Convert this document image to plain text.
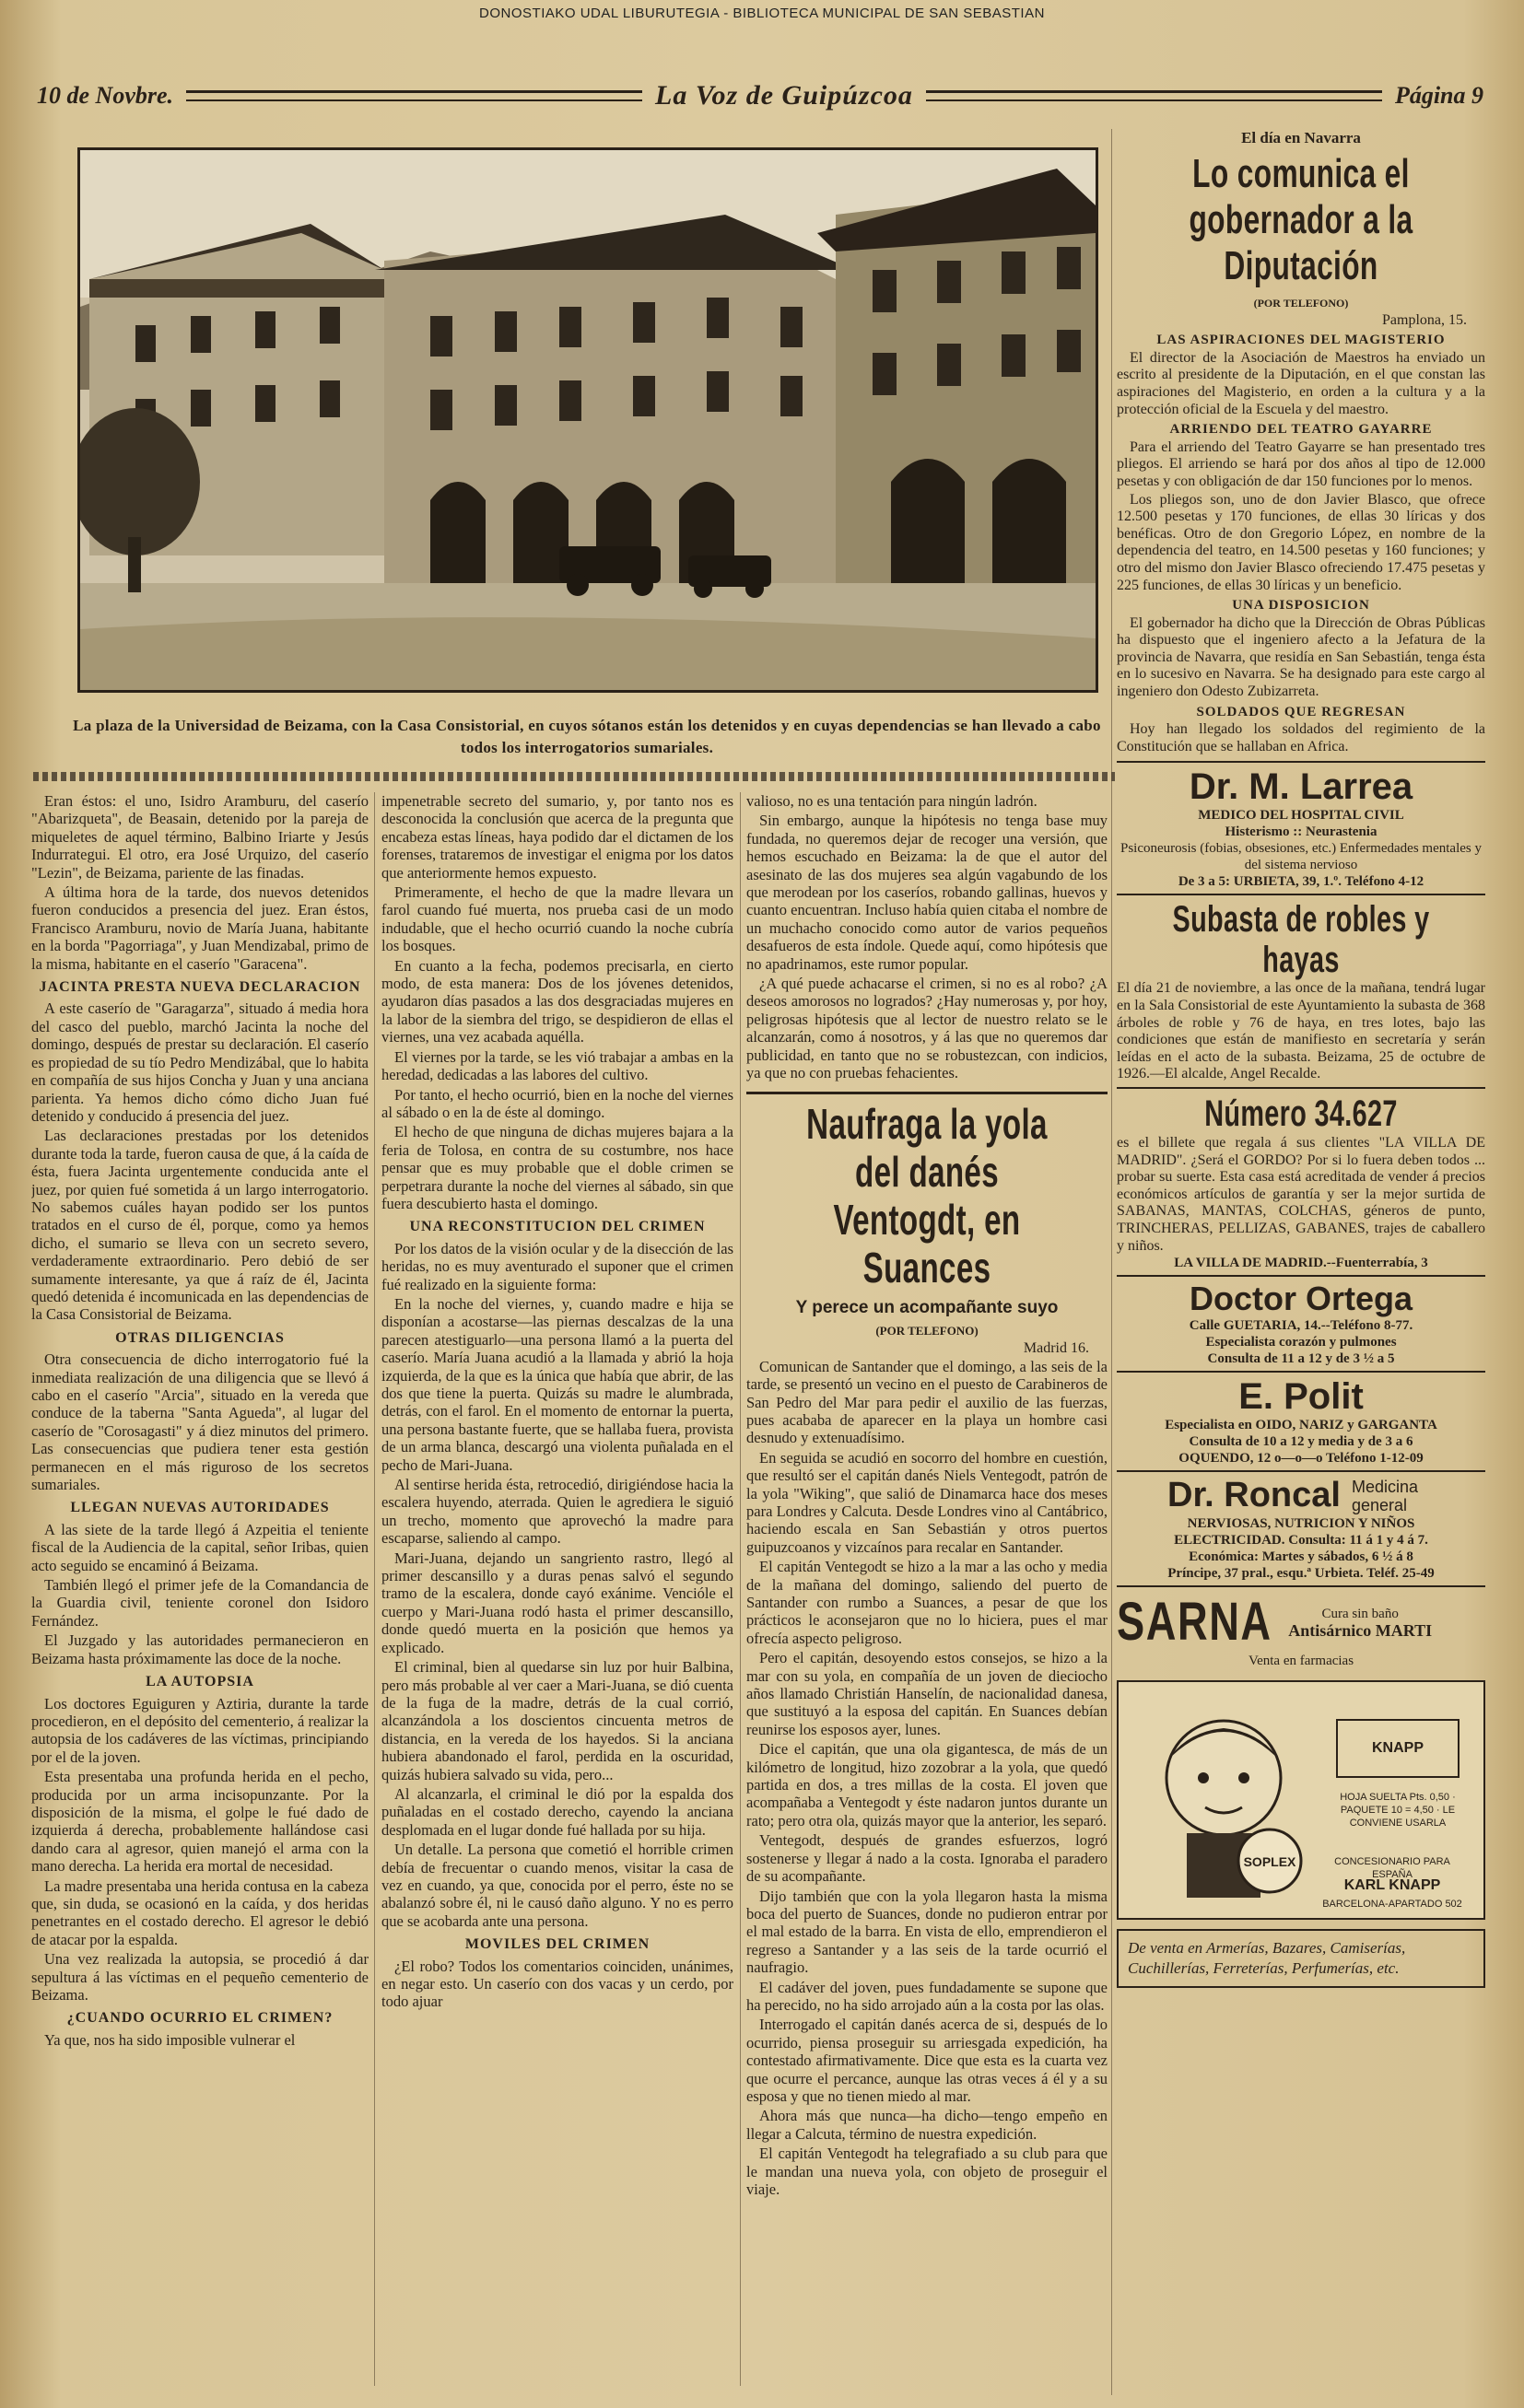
DONOSTIAKO UDAL LIBURUTEGIA - BIBLIOTECA MUNICIPAL DE SAN SEBASTIAN
10 de Novbre.	La Voz de Guipúzcoa	Página 9
La plaza de la Universidad de Beizama, con la Casa Consistorial, en cuyos sótanos están los detenidos y en cuyas dependencias se han llevado a cabo todos los interrogatorios sumariales.

Eran éstos: el uno, Isidro Aramburu, del caserío "Abarizqueta", de Beasain, detenido por la pareja de miqueletes de aquel término, Balbino Iriarte y Jesús Indurrategui. El otro, era José Urquizo, del caserío "Lezin", de Beizama, pariente de las finadas.

A última hora de la tarde, dos nuevos detenidos fueron conducidos a presencia del juez. Eran éstos, Francisco Aramburu, novio de María Juana, habitante en la borda "Pagorriaga", y Juan Mendizabal, primo de la misma, habitante en el caserío "Garacena".

JACINTA PRESTA NUEVA DECLARACION

A este caserío de "Garagarza", situado á media hora del casco del pueblo, marchó Jacinta la noche del domingo, después de prestar su declaración. El caserío es propiedad de su tío Pedro Mendizábal, que lo habita en compañía de sus hijos Concha y Juan y una anciana parienta. Ya hemos dicho cómo dicho Juan fué detenido y conducido á presencia del juez.

Las declaraciones prestadas por los detenidos durante toda la tarde, fueron causa de que, á la caída de ésta, fuera Jacinta urgentemente conducida ante el juez, por quien fué sometida á un largo interrogatorio. No sabemos cuáles hayan podido ser los puntos tratados en el curso de él, porque, como ya hemos dicho, el sumario se lleva con un secreto severo, verdaderamente extraordinario. Pero debió de ser sumamente interesante, ya que á raíz de él, Jacinta quedó detenida é incomunicada en las dependencias de la Casa Consistorial de Beizama.

OTRAS DILIGENCIAS

Otra consecuencia de dicho interrogatorio fué la inmediata realización de una diligencia que se llevó á cabo en el caserío "Arcia", situado en la vereda que conduce de la taberna "Santa Agueda", al lugar del caserío de "Corosagasti" y á diez minutos del primero. Las consecuencias que pudiera tener esta gestión permanecen en el más riguroso de los secretos sumariales.

LLEGAN NUEVAS AUTORIDADES

A las siete de la tarde llegó á Azpeitia el teniente fiscal de la Audiencia de la capital, señor Iribas, quien acto seguido se encaminó á Beizama.

También llegó el primer jefe de la Comandancia de la Guardia civil, teniente coronel don Isidoro Fernández.

El Juzgado y las autoridades permanecieron en Beizama hasta próximamente las doce de la noche.

LA AUTOPSIA

Los doctores Eguiguren y Aztiria, durante la tarde procedieron, en el depósito del cementerio, á realizar la autopsia de los cadáveres de las víctimas, principiando por el de la joven.

Esta presentaba una profunda herida en el pecho, producida por un arma incisopunzante. Por la disposición de la misma, el golpe le fué dado de izquierda á derecha, probablemente hallándose casi dando cara al agresor, quien manejó el arma con la mano derecha. La herida era mortal de necesidad.

La madre presentaba una herida contusa en la cabeza que, sin duda, se ocasionó en la caída, y dos heridas penetrantes en el costado derecho. El agresor le debió de atacar por la espalda.

Una vez realizada la autopsia, se procedió á dar sepultura á las víctimas en el pequeño cementerio de Beizama.

¿CUANDO OCURRIO EL CRIMEN?

Ya que, nos ha sido imposible vulnerar el

impenetrable secreto del sumario, y, por tanto nos es desconocida la conclusión que acerca de la pregunta que encabeza estas líneas, haya podido dar el dictamen de los forenses, trataremos de investigar el enigma por los datos que anteriormente hemos expuesto.

Primeramente, el hecho de que la madre llevara un farol cuando fué muerta, nos prueba casi de un modo indudable, que el hecho ocurrió cuando la noche cubría los bosques.

En cuanto a la fecha, podemos precisarla, en cierto modo, de esta manera: Dos de los jóvenes detenidos, ayudaron días pasados a las dos desgraciadas mujeres en la labor de la siembra del trigo, se despidieron de ellas el viernes, una vez acabada aquélla.

El viernes por la tarde, se les vió trabajar a ambas en la heredad, dedicadas a las labores del cultivo.

Por tanto, el hecho ocurrió, bien en la noche del viernes al sábado o en la de éste al domingo.

El hecho de que ninguna de dichas mujeres bajara a la feria de Tolosa, en contra de su costumbre, nos hace pensar que es muy probable que el doble crimen se perpetrara durante la noche del viernes al sábado, sin que fuera descubierto hasta el domingo.

UNA RECONSTITUCION DEL CRIMEN

Por los datos de la visión ocular y de la disección de las heridas, no es muy aventurado el suponer que el crimen fué realizado en la siguiente forma:

En la noche del viernes, y, cuando madre e hija se disponían a acostarse—las piernas descalzas de la una parecen atestiguarlo—una persona llamó a la puerta del caserío. María Juana acudió a la llamada y abrió la hoja izquierda, de la que es la única que había que abrir, de las dos que tiene la puerta. Quizás su madre le alumbrada, detrás, con el farol. En el momento de entornar la puerta, una persona bastante fuerte, que se hallaba fuera, provista de un arma blanca, descargó una violenta puñalada en el pecho de Mari-Juana.

Al sentirse herida ésta, retrocedió, dirigiéndose hacia la escalera huyendo, aterrada. Quien le agrediera le siguió un trecho, momento que aprovechó la madre para escaparse, saliendo al campo.

Mari-Juana, dejando un sangriento rastro, llegó al primer descansillo y a duras penas salvó el segundo tramo de la escalera, donde cayó exánime. Vencióle el cuerpo y Mari-Juana rodó hasta el primer descansillo, donde quedó muerta en la posición que hemos ya explicado.

El criminal, bien al quedarse sin luz por huir Balbina, pero más probable al ver caer a Mari-Juana, se dió cuenta de la fuga de la madre, detrás de la cual corrió, alcanzándola a los doscientos cincuenta metros de distancia, en la vereda de los hayedos. Si la anciana hubiera abandonado el farol, perdida en la oscuridad, quizás hubiera salvado su vida, pero...

Al alcanzarla, el criminal le dió por la espalda dos puñaladas en el costado derecho, cayendo la anciana desplomada en el lugar donde fué hallada por su hija.

Un detalle. La persona que cometió el horrible crimen debía de frecuentar o cuando menos, visitar la casa de vez en cuando, ya que, conocida por el perro, éste no se abalanzó sobre él, ni le causó daño alguno. Y no es perro que se acobarda ante una persona.

MOVILES DEL CRIMEN

¿El robo? Todos los comentarios coinciden, unánimes, en negar esto. Un caserío con dos vacas y un cerdo, por todo ajuar

valioso, no es una tentación para ningún ladrón.

Sin embargo, aunque la hipótesis no tenga base muy fundada, no queremos dejar de recoger una versión, que hemos escuchado en Beizama: la de que el autor del asesinato de las dos mujeres sea algún vagabundo de los que merodean por los caseríos, robando gallinas, huevos y cuanto encuentran. Incluso había quien citaba el nombre de un muchacho conocido como autor de varios pequeños desafueros de esta índole. Quede aquí, como hipótesis que no apadrinamos, este rumor popular.

¿A qué puede achacarse el crimen, si no es al robo? ¿A deseos amorosos no logrados? ¿Hay numerosas y, por hoy, peligrosas hipótesis que al lector de nuestro relato se le alcanzarán, como á nosotros, y á las que no queremos dar publicidad, en tanto que no se robustezcan, con indicios, ya que no con pruebas fehacientes.

Naufraga la yola del danés Ventogdt, en Suances
Y perece un acompañante suyo
(POR TELEFONO)
Madrid 16.

Comunican de Santander que el domingo, a las seis de la tarde, se presentó un vecino en el puesto de Carabineros de San Pedro del Mar para pedir el auxilio de las fuerzas, pues acababa de aparecer en la playa un hombre casi desnudo y extenuadísimo.

En seguida se acudió en socorro del hombre en cuestión, que resultó ser el capitán danés Niels Ventegodt, patrón de la yola "Wiking", que salió de Dinamarca hace dos meses para Londres y Calcuta. Desde Londres vino al Cantábrico, haciendo escala en San Sebastián y otros puertos guipuzcoanos y vizcaínos para recalar en Santander.

El capitán Ventegodt se hizo a la mar a las ocho y media de la mañana del domingo, saliendo del puerto de Santander con rumbo a Suances, a pesar de que los prácticos le aconsejaron que no lo hiciera, pues el mar ofrecía aspecto peligroso.

Pero el capitán, desoyendo estos consejos, se hizo a la mar con su yola, en compañía de un joven de dieciocho años llamado Christián Hanselín, de nacionalidad danesa, que sustituyó a la esposa del capitán. En Suances debían reunirse los esposos ayer, lunes.

Dice el capitán, que una ola gigantesca, de más de un kilómetro de longitud, hizo zozobrar a la yola, que quedó partida en dos, a tres millas de la costa. El joven que acompañaba a Ventegodt y éste nadaron juntos durante un rato; pero otra ola, quizás mayor que la anterior, les separó.

Ventegodt, después de grandes esfuerzos, logró sostenerse y llegar á nado a la costa. Ignoraba el paradero de su acompañante.

Dijo también que con la yola llegaron hasta la misma boca del puerto de Suances, donde no pudieron entrar por el mal estado de la barra. En vista de ello, emprendieron el regreso a Santander y a las seis de la tarde ocurrió el naufragio.

El cadáver del joven, pues fundadamente se supone que ha perecido, no ha sido arrojado aún a la costa por las olas.

Interrogado el capitán danés acerca de si, después de lo ocurrido, piensa proseguir su arriesgada expedición, ha contestado afirmativamente. Dice que esta es la cuarta vez que ocurre el percance, aunque las otras veces á él y a su esposa y que no tienen miedo al mar.

Ahora más que nunca—ha dicho—tengo empeño en llegar a Calcuta, término de nuestra expedición.

El capitán Ventegodt ha telegrafiado a su club para que le mandan una nueva yola, con objeto de proseguir el viaje.

El día en Navarra
Lo comunica el gobernador a la Diputación
(POR TELEFONO)
Pamplona, 15.
LAS ASPIRACIONES DEL MAGISTERIO

El director de la Asociación de Maestros ha enviado un escrito al presidente de la Diputación, en el que constan las aspiraciones del Magisterio, en orden a la cultura y a la protección oficial de la Escuela y del maestro.

ARRIENDO DEL TEATRO GAYARRE

Para el arriendo del Teatro Gayarre se han presentado tres pliegos. El arriendo se hará por dos años al tipo de 12.000 pesetas y con obligación de dar 150 funciones por lo menos.

Los pliegos son, uno de don Javier Blasco, que ofrece 12.500 pesetas y 170 funciones, de ellas 30 líricas y dos benéficas. Otro de don Gregorio López, en nombre de la dependencia del teatro, en 14.500 pesetas y 160 funciones; y otro del mismo don Javier Blasco ofreciendo 17.475 pesetas y 225 funciones, de ellas 30 líricas y un beneficio.

UNA DISPOSICION

El gobernador ha dicho que la Dirección de Obras Públicas ha dispuesto que el ingeniero afecto a la Jefatura de la provincia de Navarra, que residía en San Sebastián, tenga ésta en lo sucesivo en Navarra. Se ha designado para este cargo al ingeniero don Odesto Zubizarreta.

SOLDADOS QUE REGRESAN

Hoy han llegado los soldados del regimiento de la Constitución que se hallaban en Africa.

Dr. M. Larrea
MEDICO DEL HOSPITAL CIVIL
Histerismo :: Neurastenia
Psiconeurosis (fobias, obsesiones, etc.) Enfermedades mentales y del sistema nervioso
De 3 a 5: URBIETA, 39, 1.º. Teléfono 4-12
Subasta de robles y hayas
El día 21 de noviembre, a las once de la mañana, tendrá lugar en la Sala Consistorial de este Ayuntamiento la subasta de 368 árboles de roble y 76 de haya, en tres lotes, bajo las condiciones que están de manifiesto en secretaría y serán leídas en el acto de la subasta. Beizama, 25 de octubre de 1926.—El alcalde, Angel Recalde.
Número 34.627
es el billete que regala á sus clientes "LA VILLA DE MADRID". ¿Será el GORDO? Por si lo fuera deben todos ... probar su suerte. Esta casa está acreditada de vender á precios económicos artículos de garantía y ser la mejor surtida de SABANAS, MANTAS, COLCHAS, géneros de punto, TRINCHERAS, PELLIZAS, GABANES, trajes de caballero y niños.
LA VILLA DE MADRID.--Fuenterrabía, 3
Doctor Ortega
Calle GUETARIA, 14.--Teléfono 8-77.
Especialista corazón y pulmones
Consulta de 11 a 12 y de 3 ½ a 5
E. Polit
Especialista en OIDO, NARIZ y GARGANTA
Consulta de 10 a 12 y media y de 3 a 6
OQUENDO, 12 o—o—o Teléfono 1-12-09
Dr. Roncal Medicina general
NERVIOSAS, NUTRICION Y NIÑOS
ELECTRICIDAD. Consulta: 11 á 1 y 4 á 7.
Económica: Martes y sábados, 6 ½ á 8
Príncipe, 37 pral., esqu.ª Urbieta. Teléf. 25-49
SARNA	Cura sin baño
Antisárnico MARTI
Venta en farmacias
SOPLEX
KNAPP
HOJA SUELTA Pts. 0,50 · PAQUETE 10 = 4,50 · LE CONVIENE USARLA
CONCESIONARIO PARA ESPAÑA
KARL KNAPP
BARCELONA-APARTADO 502
De venta en Armerías, Bazares, Camiserías, Cuchillerías, Ferreterías, Perfumerías, etc.
